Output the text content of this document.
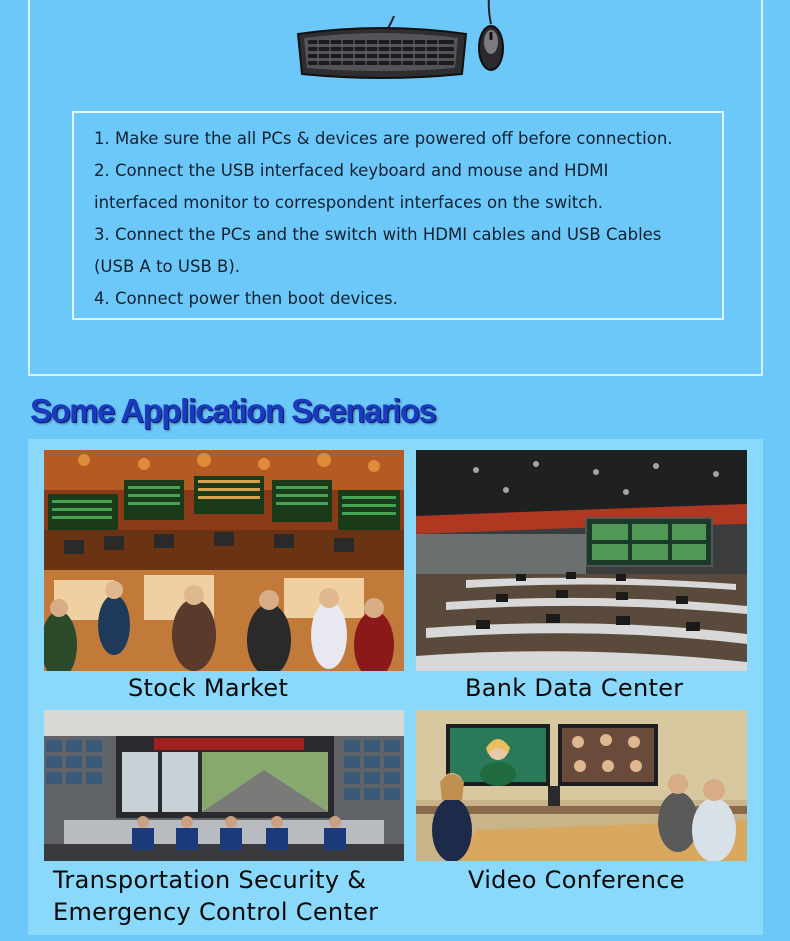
1. Make sure the all PCs & devices are powered off before connection.

2. Connect the USB interfaced keyboard and mouse and HDMI

interfaced monitor to correspondent interfaces on the switch.

3. Connect the PCs and the switch with HDMI cables and USB Cables

(USB A to USB B).

4. Connect power then boot devices.

Some Application Scenarios
Stock Market	Bank Data Center
Transportation Security &
Emergency Control Center
Video Conference
